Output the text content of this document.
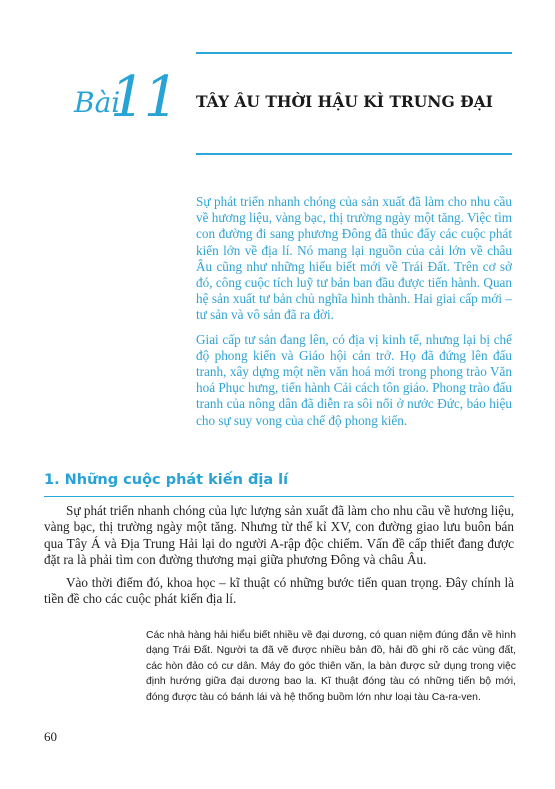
Bài
11 TÂY ÂU THỜI HẬU KÌ TRUNG ĐẠI

Sự phát triển nhanh chóng của sản xuất đã làm cho nhu cầu về hương liệu, vàng bạc, thị trường ngày một tăng. Việc tìm con đường đi sang phương Đông đã thúc đẩy các cuộc phát kiến lớn về địa lí. Nó mang lại nguồn của cải lớn về châu Âu cũng như những hiểu biết mới về Trái Đất. Trên cơ sở đó, công cuộc tích luỹ tư bản ban đầu được tiến hành. Quan hệ sản xuất tư bản chủ nghĩa hình thành. Hai giai cấp mới – tư sản và vô sản đã ra đời.

Giai cấp tư sản đang lên, có địa vị kinh tế, nhưng lại bị chế độ phong kiến và Giáo hội cản trở. Họ đã đứng lên đấu tranh, xây dựng một nền văn hoá mới trong phong trào Văn hoá Phục hưng, tiến hành Cải cách tôn giáo. Phong trào đấu tranh của nông dân đã diễn ra sôi nổi ở nước Đức, báo hiệu cho sự suy vong của chế độ phong kiến.

1. Những cuộc phát kiến địa lí

Sự phát triển nhanh chóng của lực lượng sản xuất đã làm cho nhu cầu về hương liệu, vàng bạc, thị trường ngày một tăng. Nhưng từ thế kỉ XV, con đường giao lưu buôn bán qua Tây Á và Địa Trung Hải lại do người A-rập độc chiếm. Vấn đề cấp thiết đang được đặt ra là phải tìm con đường thương mại giữa phương Đông và châu Âu.

Vào thời điểm đó, khoa học – kĩ thuật có những bước tiến quan trọng. Đây chính là tiền đề cho các cuộc phát kiến địa lí.

Các nhà hàng hải hiểu biết nhiều về đại dương, có quan niệm đúng đắn về hình dạng Trái Đất. Người ta đã vẽ được nhiều bản đồ, hải đồ ghi rõ các vùng đất, các hòn đảo có cư dân. Máy đo góc thiên văn, la bàn được sử dụng trong việc định hướng giữa đại dương bao la. Kĩ thuật đóng tàu có những tiến bộ mới, đóng được tàu có bánh lái và hệ thống buồm lớn như loại tàu Ca-ra-ven.

60
